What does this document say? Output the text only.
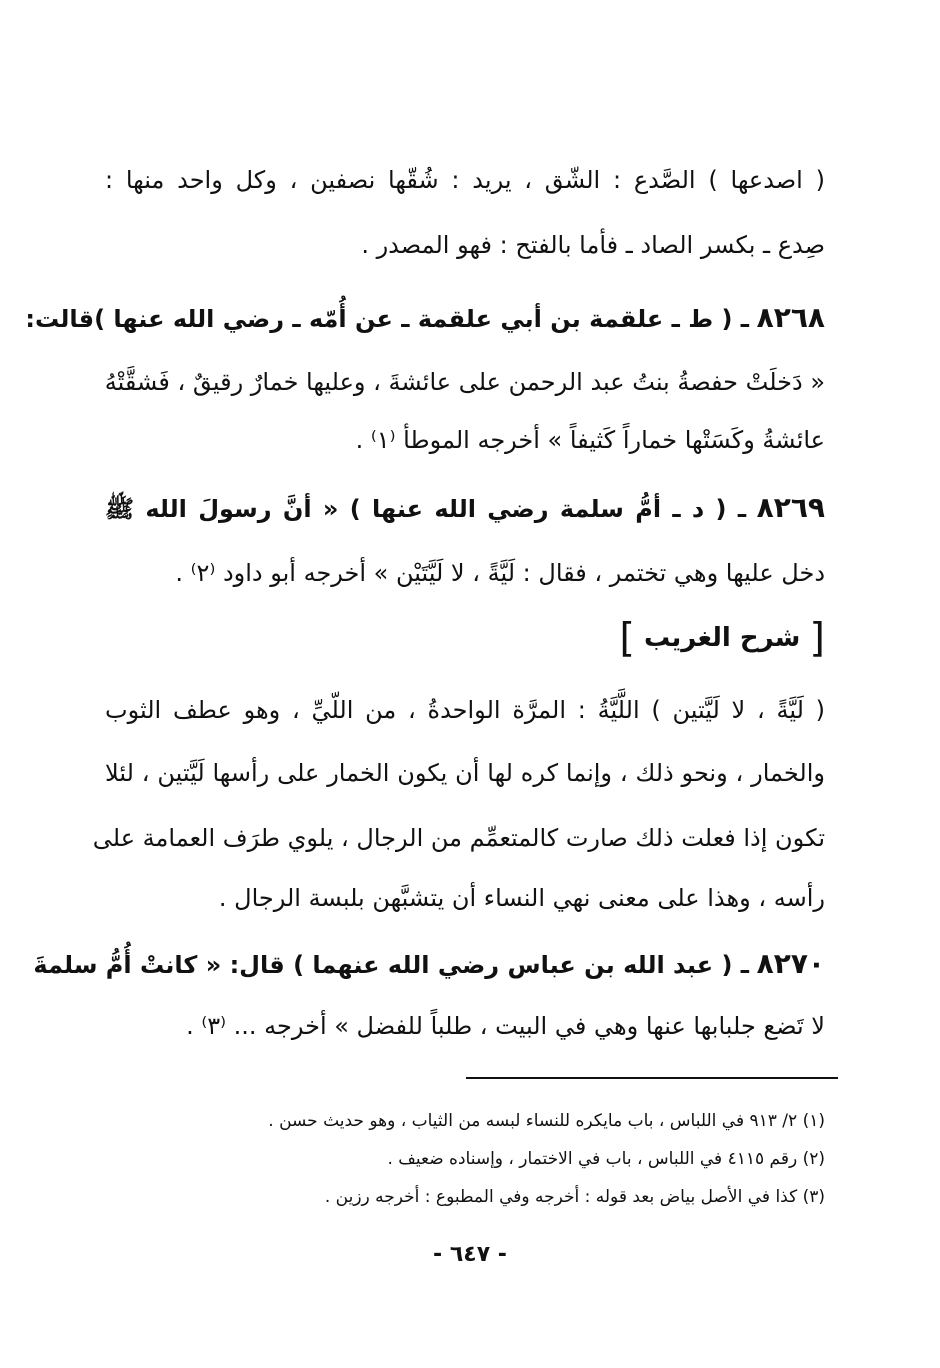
( اصدعها ) الصَّدع : الشّق ، يريد : شُقّها نصفين ، وكل واحد منها :
صِدع ـ بكسر الصاد ـ فأما بالفتح : فهو المصدر .
٨٢٦٨ ـ ( ط ـ علقمة بن أبي علقمة ـ عن أُمّه ـ رضي الله عنها )قالت:
« دَخلَتْ حفصةُ بنتُ عبد الرحمن على عائشةَ ، وعليها خمارٌ رقيقٌ ، فَشقَّتْهُ
عائشةُ وكَسَتْها خماراً كَثيفاً » أخرجه الموطأ ⁽١⁾ .
٨٢٦٩ ـ ( د ـ أمُّ سلمة رضي الله عنها ) « أنَّ رسولَ الله ﷺ
دخل عليها وهي تختمر ، فقال : لَيَّةً ، لا لَيَّتَيْن » أخرجه أبو داود ⁽٢⁾ .
[ شرح الغريب ]
( لَيَّةً ، لا لَيَّتين ) اللَّيَّةُ : المرَّة الواحدةُ ، من اللّيِّ ، وهو عطف الثوب
والخمار ، ونحو ذلك ، وإنما كره لها أن يكون الخمار على رأسها لَيَّتين ، لئلا
تكون إذا فعلت ذلك صارت كالمتعمِّم من الرجال ، يلوي طرَف العمامة على
رأسه ، وهذا على معنى نهي النساء أن يتشبَّهن بلبسة الرجال .
٨٢٧٠ ـ ( عبد الله بن عباس رضي الله عنهما ) قال: « كانتْ أُمُّ سلمةَ
لا تَضع جلبابها عنها وهي في البيت ، طلباً للفضل » أخرجه ... ⁽٣⁾ .
(١) ٢/ ٩١٣ في اللباس ، باب مايكره للنساء لبسه من الثياب ، وهو حديث حسن .
(٢) رقم ٤١١٥ في اللباس ، باب في الاختمار ، وإسناده ضعيف .
(٣) كذا في الأصل بياض بعد قوله : أخرجه وفي المطبوع : أخرجه رزين .
- ٦٤٧ -
